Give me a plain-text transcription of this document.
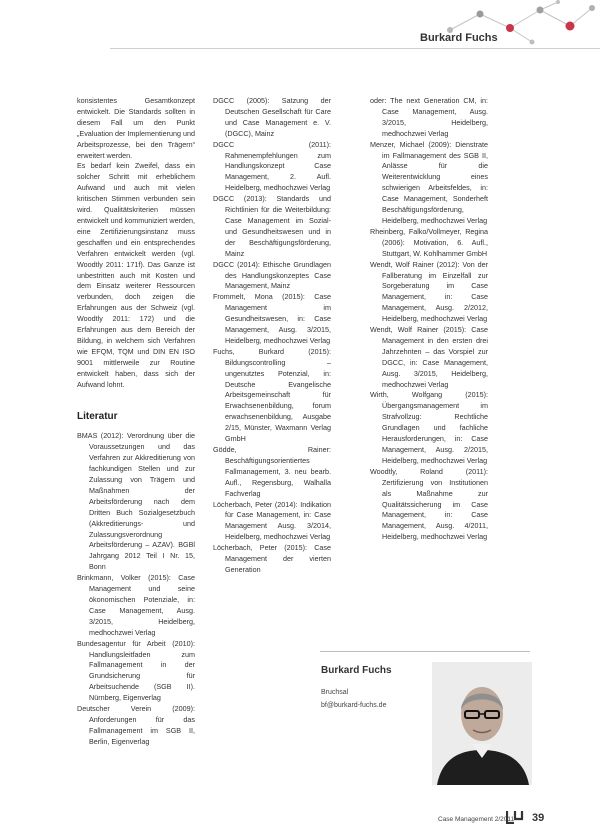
Burkard Fuchs

konsistentes Gesamtkonzept entwickelt. Die Standards sollten in diesem Fall um den Punkt „Evaluation der Implementierung und Arbeitsprozesse, bei den Trägern“ erweitert werden.

Es bedarf kein Zweifel, dass ein solcher Schritt mit erheblichem Aufwand und auch mit vielen kritischen Stimmen verbunden sein wird. Qualitätskriterien müssen entwickelt und kommuniziert werden, eine Zertifizierungsinstanz muss geschaffen und ein entsprechendes Verfahren entwickelt werden (vgl. Woodtly 2011: 171f). Das Ganze ist unbestritten auch mit Kosten und dem Einsatz weiterer Ressourcen verbunden, doch zeigen die Erfahrungen aus der Schweiz (vgl. Woodtly 2011: 172) und die Erfahrungen aus dem Bereich der Bildung, in welchem sich Verfahren wie EFQM, TQM und DIN EN ISO 9001 mittlerweile zur Routine entwickelt haben, dass sich der Aufwand lohnt.

Literatur

BMAS (2012): Verordnung über die Voraussetzungen und das Verfahren zur Akkreditierung von fachkundigen Stellen und zur Zulassung von Trägern und Maßnahmen der Arbeitsförderung nach dem Dritten Buch Sozialgesetzbuch (Akkreditierungs- und Zulassungsverordnung Arbeitsförderung – AZAV). BGBl Jahrgang 2012 Teil I Nr. 15, Bonn

Brinkmann, Volker (2015): Case Management und seine ökonomischen Potenziale, in: Case Management, Ausg. 3/2015, Heidelberg, medhochzwei Verlag

Bundesagentur für Arbeit (2010): Handlungsleitfaden zum Fallmanagement in der Grundsicherung für Arbeitsuchende (SGB II). Nürnberg, Eigenverlag

Deutscher Verein (2009): Anforderungen für das Fallmanagement im SGB II, Berlin, Eigenverlag

DGCC (2005): Satzung der Deutschen Gesellschaft für Care und Case Management e. V. (DGCC), Mainz

DGCC (2011): Rahmenempfehlungen zum Handlungskonzept Case Management, 2. Aufl. Heidelberg, medhochzwei Verlag

DGCC (2013): Standards und Richtlinien für die Weiterbildung: Case Management im Sozial- und Gesundheitswesen und in der Beschäftigungsförderung, Mainz

DGCC (2014): Ethische Grundlagen des Handlungskonzeptes Case Management, Mainz

Frommelt, Mona (2015): Case Management im Gesundheitswesen, in: Case Management, Ausg. 3/2015, Heidelberg, medhochzwei Verlag

Fuchs, Burkard (2015): Bildungscontrolling – ungenutztes Potenzial, in: Deutsche Evangelische Arbeitsgemeinschaft für Erwachsenenbildung, forum erwachsenenbildung, Ausgabe 2/15, Münster, Waxmann Verlag GmbH

Gödde, Rainer: Beschäftigungsorientiertes Fallmanagement, 3. neu bearb. Aufl., Regensburg, Walhalla Fachverlag

Löcherbach, Peter (2014): Indikation für Case Management, in: Case Management Ausg. 3/2014, Heidelberg, medhochzwei Verlag

Löcherbach, Peter (2015): Case Management der vierten Generation

oder: The next Generation CM, in: Case Management, Ausg. 3/2015, Heidelberg, medhochzwei Verlag

Menzer, Michael (2009): Dienstrate im Fallmanagement des SGB II, Anlässe für die Weiterentwicklung eines schwierigen Arbeitsfeldes, in: Case Management, Sonderheft Beschäftigungsförderung, Heidelberg, medhochzwei Verlag

Rheinberg, Falko/Vollmeyer, Regina (2006): Motivation, 6. Aufl., Stuttgart, W. Kohlhammer GmbH

Wendt, Wolf Rainer (2012): Von der Fallberatung im Einzelfall zur Sorgeberatung im Case Management, in: Case Management, Ausg. 2/2012, Heidelberg, medhochzwei Verlag

Wendt, Wolf Rainer (2015): Case Management in den ersten drei Jahrzehnten – das Vorspiel zur DGCC, in: Case Management, Ausg. 3/2015, Heidelberg, medhochzwei Verlag

Wirth, Wolfgang (2015): Übergangsmanagement im Strafvollzug: Rechtliche Grundlagen und fachliche Herausforderungen, in: Case Management, Ausg. 2/2015, Heidelberg, medhochzwei Verlag

Woodtly, Roland (2011): Zertifizierung von Institutionen als Maßnahme zur Qualitätssicherung im Case Management, in: Case Management, Ausg. 4/2011, Heidelberg, medhochzwei Verlag

Burkard Fuchs
Bruchsal
bf@burkard-fuchs.de
Case Management 2/2011 39
